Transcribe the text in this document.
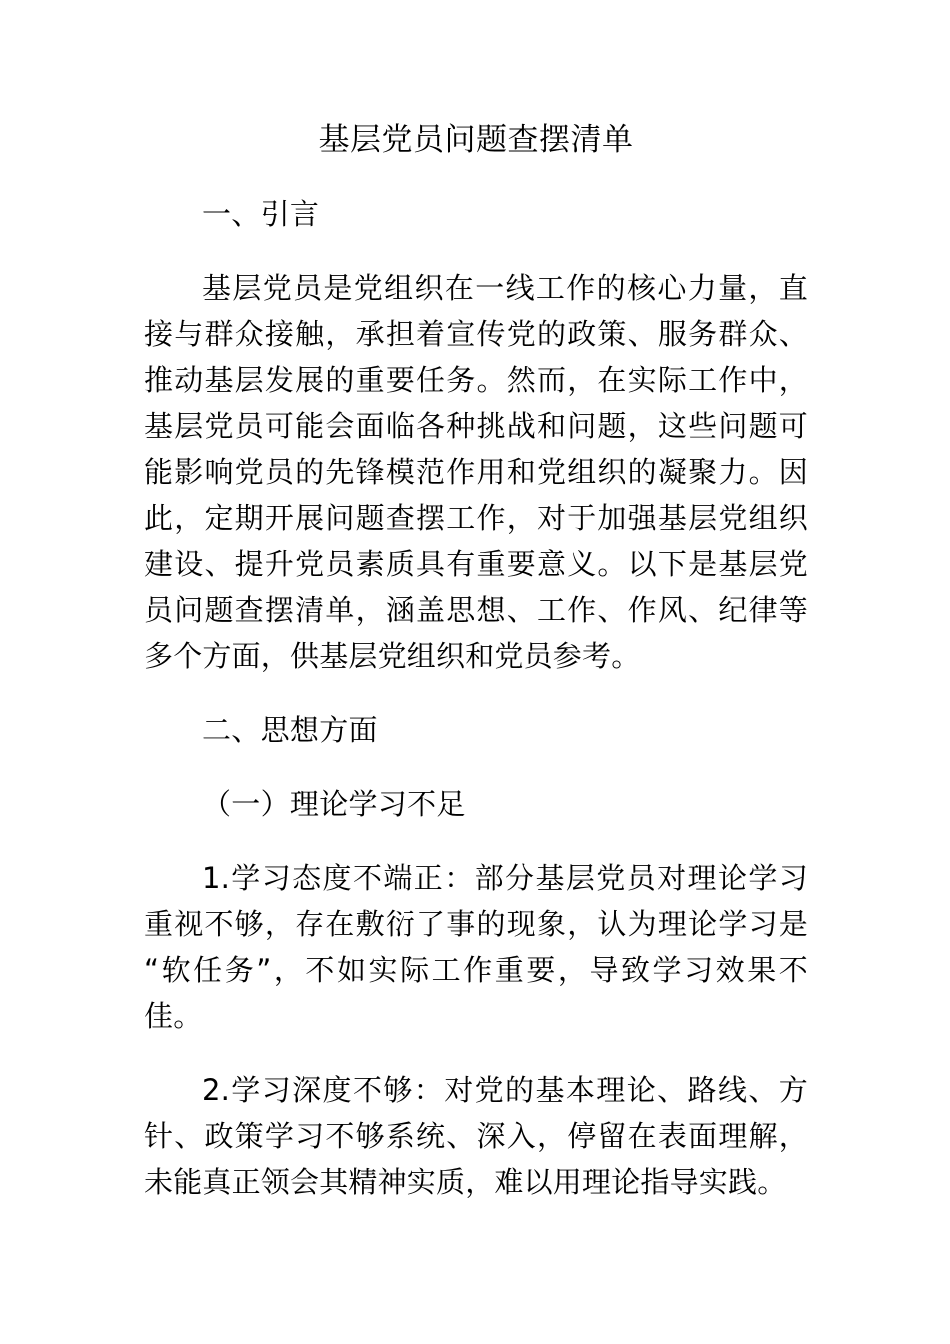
基层党员问题查摆清单
一、引言

基层党员是党组织在一线工作的核心力量，直接与群众接触，承担着宣传党的政策、服务群众、推动基层发展的重要任务。然而，在实际工作中，基层党员可能会面临各种挑战和问题，这些问题可能影响党员的先锋模范作用和党组织的凝聚力。因此，定期开展问题查摆工作，对于加强基层党组织建设、提升党员素质具有重要意义。以下是基层党员问题查摆清单，涵盖思想、工作、作风、纪律等多个方面，供基层党组织和党员参考。

二、思想方面
（一）理论学习不足

1.学习态度不端正：部分基层党员对理论学习重视不够，存在敷衍了事的现象，认为理论学习是“软任务”，不如实际工作重要，导致学习效果不佳。

2.学习深度不够：对党的基本理论、路线、方针、政策学习不够系统、深入，停留在表面理解，未能真正领会其精神实质，难以用理论指导实践。
